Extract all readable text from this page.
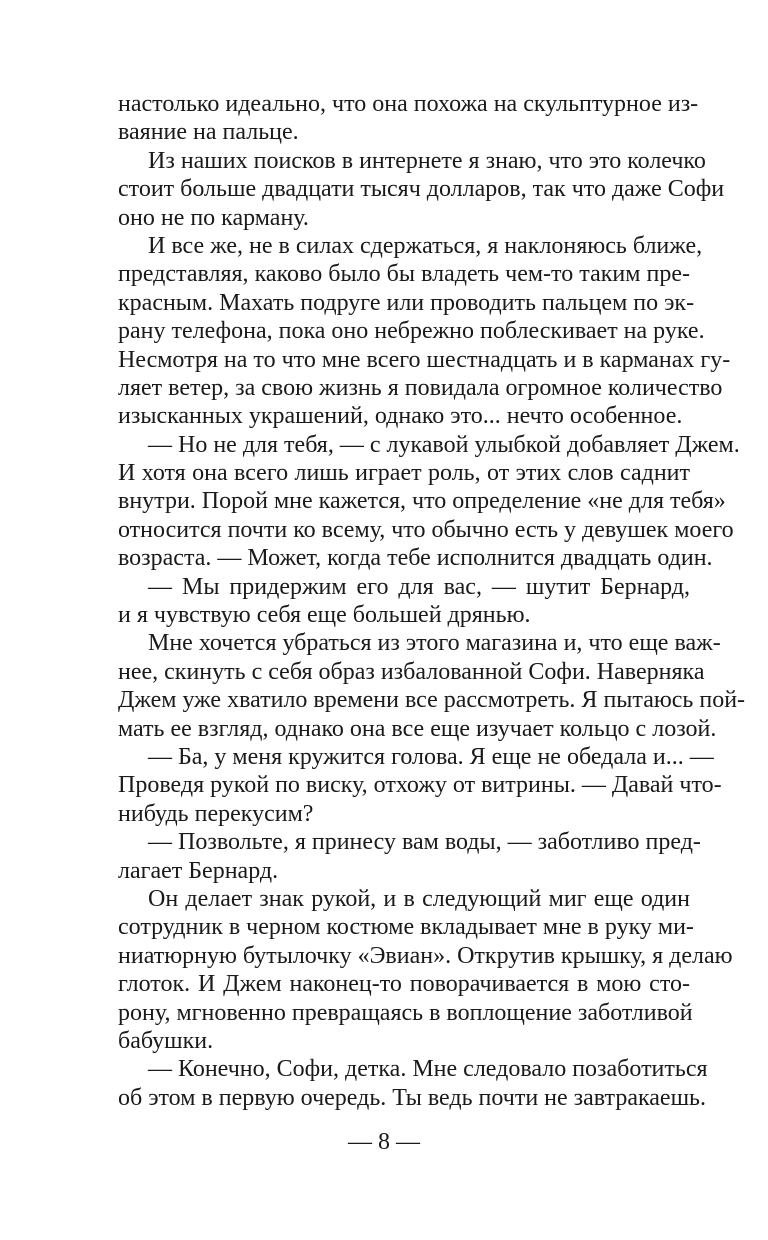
настолько идеально, что она похожа на скульптурное из-
ваяние на пальце.
Из наших поисков в интернете я знаю, что это колечко
стоит больше двадцати тысяч долларов, так что даже Софи
оно не по карману.
И все же, не в силах сдержаться, я наклоняюсь ближе,
представляя, каково было бы владеть чем-то таким пре-
красным. Махать подруге или проводить пальцем по эк-
рану телефона, пока оно небрежно поблескивает на руке.
Несмотря на то что мне всего шестнадцать и в карманах гу-
ляет ветер, за свою жизнь я повидала огромное количество
изысканных украшений, однако это... нечто особенное.
— Но не для тебя, — с лукавой улыбкой добавляет Джем.
И хотя она всего лишь играет роль, от этих слов саднит
внутри. Порой мне кажется, что определение «не для тебя»
относится почти ко всему, что обычно есть у девушек моего
возраста. — Может, когда тебе исполнится двадцать один.
— Мы придержим его для вас, — шутит Бернард,
и я чувствую себя еще большей дрянью.
Мне хочется убраться из этого магазина и, что еще важ-
нее, скинуть с себя образ избалованной Софи. Наверняка
Джем уже хватило времени все рассмотреть. Я пытаюсь пой-
мать ее взгляд, однако она все еще изучает кольцо с лозой.
— Ба, у меня кружится голова. Я еще не обедала и... —
Проведя рукой по виску, отхожу от витрины. — Давай что-
нибудь перекусим?
— Позвольте, я принесу вам воды, — заботливо пред-
лагает Бернард.
Он делает знак рукой, и в следующий миг еще один
сотрудник в черном костюме вкладывает мне в руку ми-
ниатюрную бутылочку «Эвиан». Открутив крышку, я делаю
глоток. И Джем наконец-то поворачивается в мою сто-
рону, мгновенно превращаясь в воплощение заботливой
бабушки.
— Конечно, Софи, детка. Мне следовало позаботиться
об этом в первую очередь. Ты ведь почти не завтракаешь.
— 8 —
